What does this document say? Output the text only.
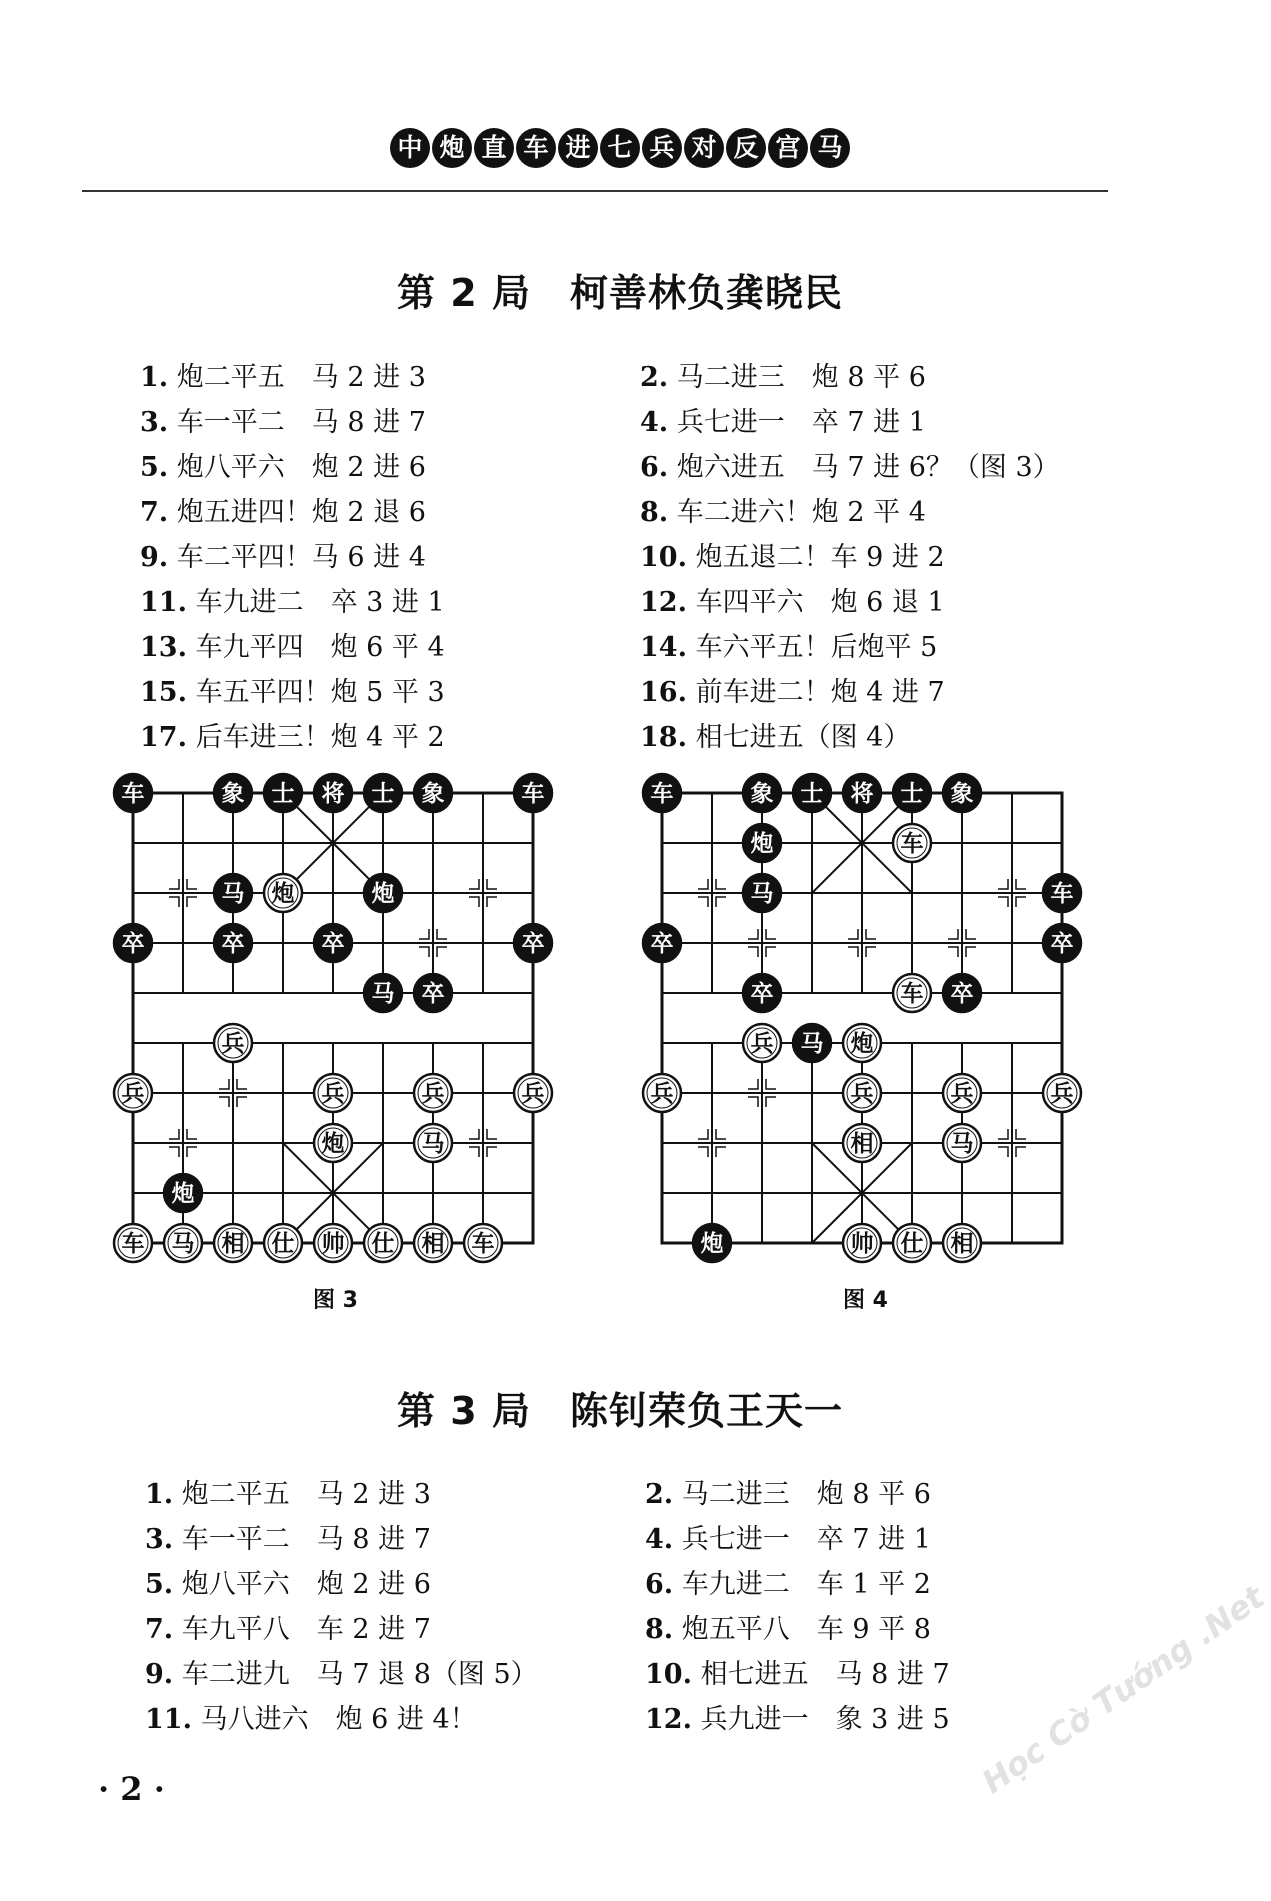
中 炮 直 车 进 七 兵 对 反 宫 马
第 2 局　柯善林负龚晓民
1. 炮二平五　马 2 进 3	2. 马二进三　炮 8 平 6
3. 车一平二　马 8 进 7	4. 兵七进一　卒 7 进 1
5. 炮八平六　炮 2 进 6	6. 炮六进五　马 7 进 6？（图 3）
7. 炮五进四！炮 2 退 6	8. 车二进六！炮 2 平 4
9. 车二平四！马 6 进 4	10. 炮五退二！车 9 进 2
11. 车九进二　卒 3 进 1	12. 车四平六　炮 6 退 1
13. 车九平四　炮 6 平 4	14. 车六平五！后炮平 5
15. 车五平四！炮 5 平 3	16. 前车进二！炮 4 进 7
17. 后车进三！炮 4 平 2	18. 相七进五（图 4）
车	象 士 将 士 象	车
马 炮	炮
卒	卒	卒	卒
马 卒
兵
兵	兵	兵	兵
炮	马
炮
车 马 相 仕 帅 仕 相 车
图 3
车	象 士 将 士 象
炮	车
马	车
卒	卒
卒	车 卒
兵 马 炮
兵	兵	兵	兵
相	马
炮	帅 仕 相
图 4
第 3 局　陈钊荣负王天一
1. 炮二平五　马 2 进 3	2. 马二进三　炮 8 平 6
3. 车一平二　马 8 进 7	4. 兵七进一　卒 7 进 1
5. 炮八平六　炮 2 进 6	6. 车九进二　车 1 平 2
7. 车九平八　车 2 进 7	8. 炮五平八　车 9 平 8
9. 车二进九　马 7 退 8（图 5）	10. 相七进五　马 8 进 7
11. 马八进六　炮 6 进 4！	12. 兵九进一　象 3 进 5
· 2 ·	Học Cờ Tướng .Net
